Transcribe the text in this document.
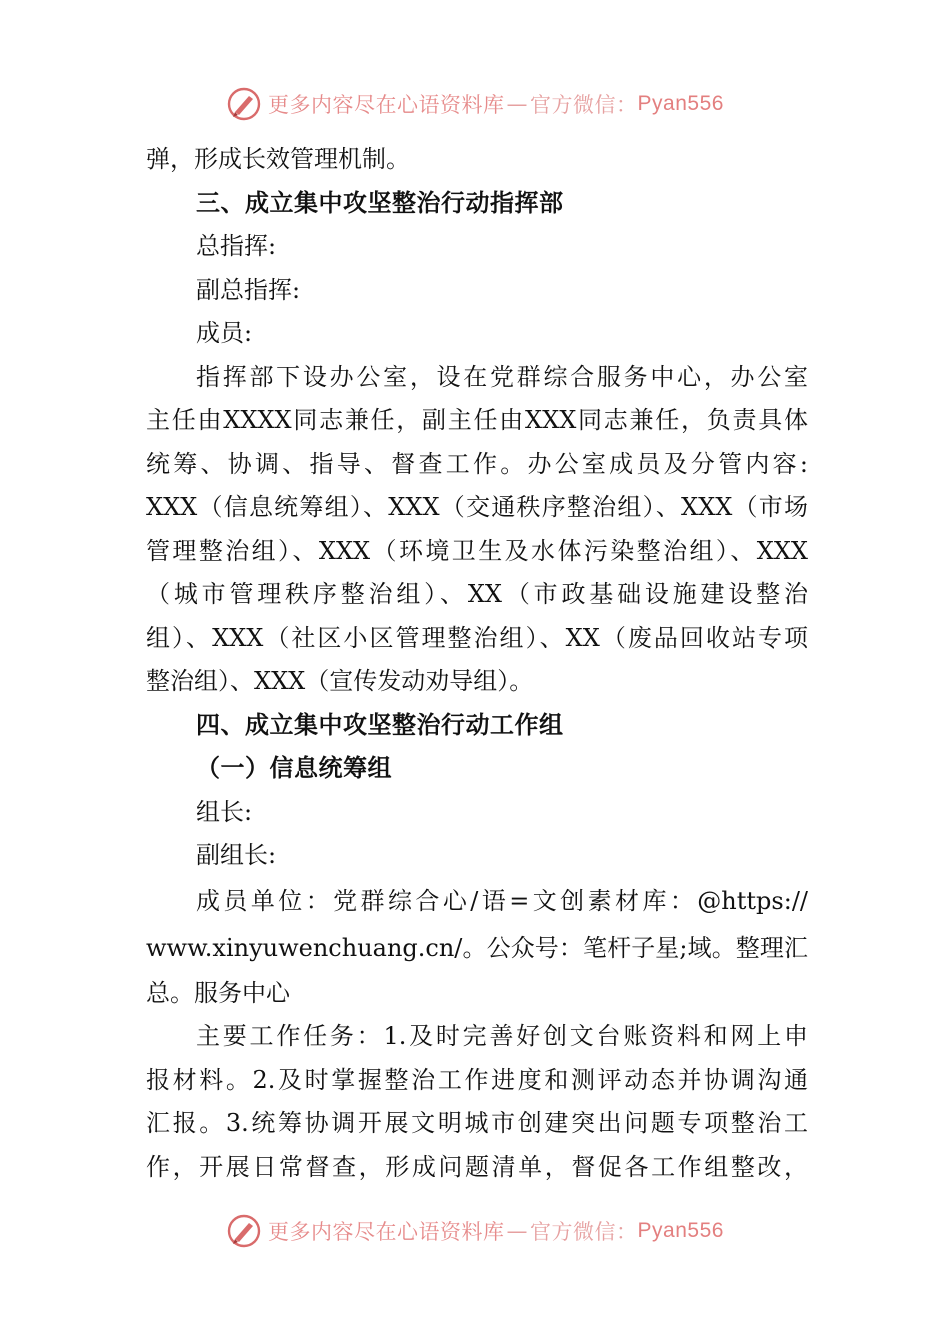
更多内容尽在心语资料库 — 官方微信： Pyan556

弹，形成长效管理机制。

三、成立集中攻坚整治行动指挥部

总指挥:

副总指挥:

成员:

指挥部下设办公室，设在党群综合服务中心，办公室

主任由XXXX同志兼任，副主任由XXX同志兼任，负责具体

统筹、协调、指导、督查工作。办公室成员及分管内容:

XXX（信息统筹组）、XXX（交通秩序整治组）、XXX（市场

管理整治组）、XXX（环境卫生及水体污染整治组）、XXX

（城市管理秩序整治组）、XX（市政基础设施建设整治

组）、XXX（社区小区管理整治组）、XX（废品回收站专项

整治组）、XXX（宣传发动劝导组）。

四、成立集中攻坚整治行动工作组

（一）信息统筹组

组长:

副组长:

成员单位：党群综合心/语=文创素材库：@https://

www.xinyuwenchuang.cn/。公众号：笔杆子星;域。整理汇

总。服务中心

主要工作任务：1.及时完善好创文台账资料和网上申

报材料。2.及时掌握整治工作进度和测评动态并协调沟通

汇报。3.统筹协调开展文明城市创建突出问题专项整治工

作，开展日常督查，形成问题清单，督促各工作组整改，

更多内容尽在心语资料库 — 官方微信： Pyan556
